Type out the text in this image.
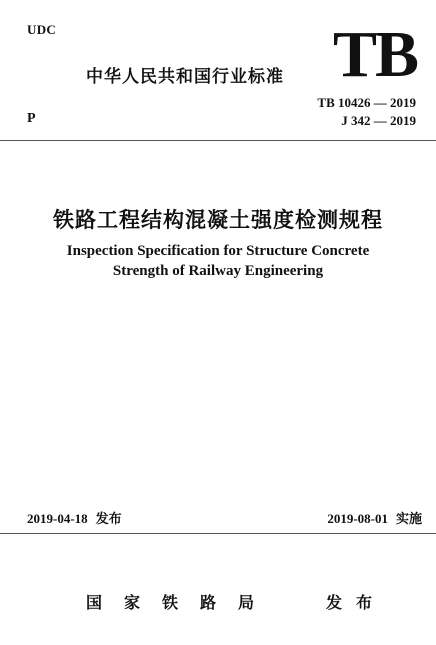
UDC
中华人民共和国行业标准 TB
TB 10426 — 2019
J 342 — 2019
P
铁路工程结构混凝土强度检测规程
Inspection Specification for Structure Concrete
Strength of Railway Engineering
2019-04-18 发布	2019-08-01 实施
国家铁路局	发布
